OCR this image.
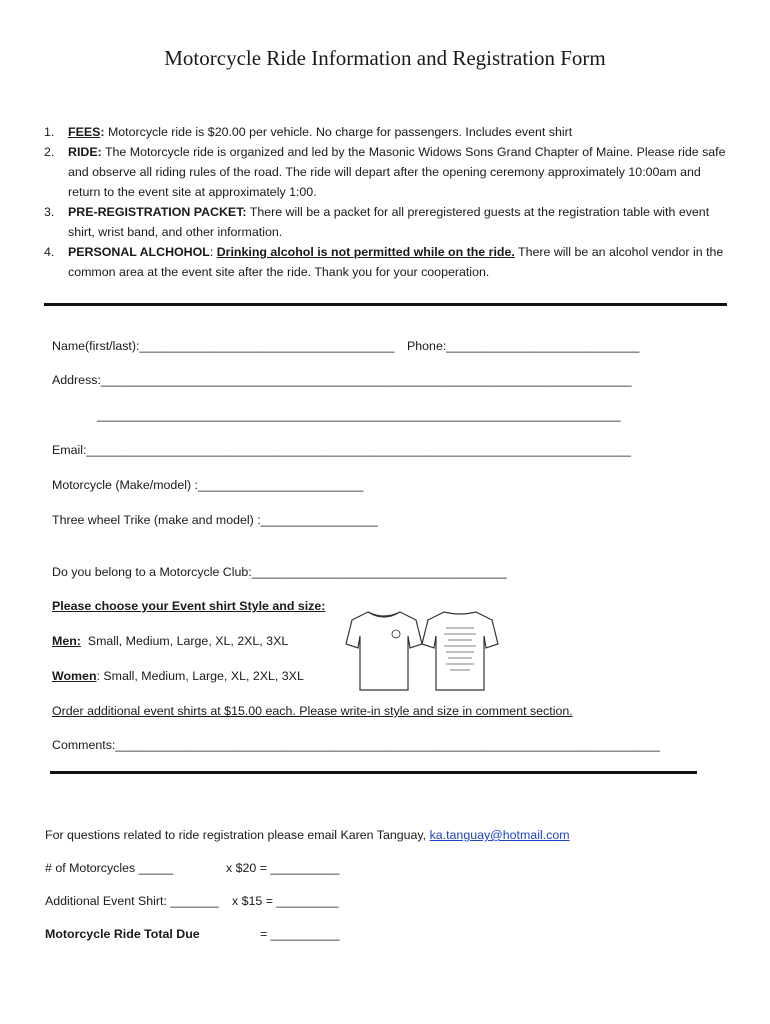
Motorcycle Ride Information and Registration Form
1. FEES: Motorcycle ride is $20.00 per vehicle. No charge for passengers. Includes event shirt
2. RIDE: The Motorcycle ride is organized and led by the Masonic Widows Sons Grand Chapter of Maine. Please ride safe and observe all riding rules of the road. The ride will depart after the opening ceremony approximately 10:00am and return to the event site at approximately 1:00.
3. PRE-REGISTRATION PACKET: There will be a packet for all preregistered guests at the registration table with event shirt, wrist band, and other information.
4. PERSONAL ALCHOHOL: Drinking alcohol is not permitted while on the ride. There will be an alcohol vendor in the common area at the event site after the ride. Thank you for your cooperation.
Name(first/last):_____________________________________ Phone:____________________________
Address:_____________________________________________________________________________
____________________________________________________________________________
Email:_______________________________________________________________________________
Motorcycle (Make/model) :________________________
Three wheel Trike (make and model) :_________________
Do you belong to a Motorcycle Club:_____________________________________
Please choose your Event shirt Style and size:
Men:  Small, Medium, Large, XL, 2XL, 3XL
Women: Small, Medium, Large, XL, 2XL, 3XL
Order additional event shirts at $15.00 each. Please write-in style and size in comment section.
Comments:_______________________________________________________________________________
For questions related to ride registration please email Karen Tanguay, ka.tanguay@hotmail.com
# of Motorcycles _____	x $20 = __________
Additional Event Shirt: _______ x $15 = _________
Motorcycle Ride Total Due	= __________
